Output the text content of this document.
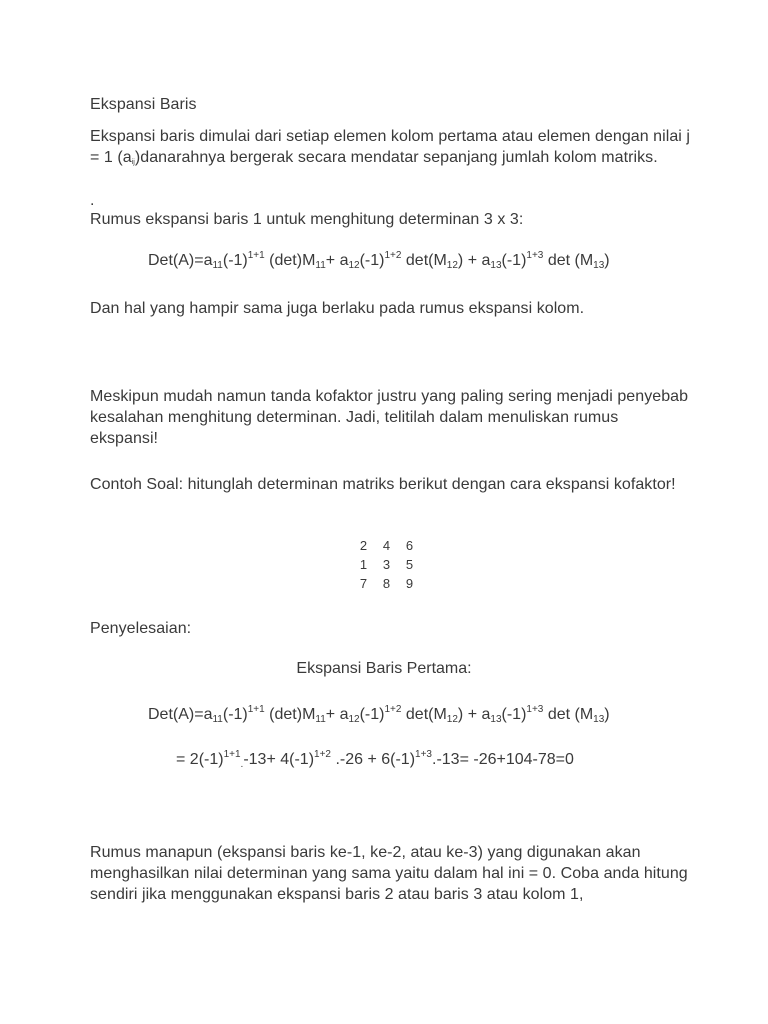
Ekspansi Baris
Ekspansi baris dimulai dari setiap elemen kolom pertama atau elemen dengan nilai j = 1 $(a_{ij})danarahnya$ bergerak secara mendatar sepanjang jumlah kolom matriks.
.
Rumus ekspansi baris 1 untuk menghitung determinan 3 x 3:
$Det(A)=a_{11}(-1)^{1+1}$ $(\det)M_{11}+ a_{12}(-1)^{1+2}$ $\det(M_{12}) + a_{13}(-1)^{1+3}$ $\det (M_{13})$
Dan hal yang hampir sama juga berlaku pada rumus ekspansi kolom.
Meskipun mudah namun tanda kofaktor justru yang paling sering menjadi penyebab kesalahan menghitung determinan. Jadi, telitilah dalam menuliskan rumus ekspansi!
Contoh Soal: hitunglah determinan matriks berikut dengan cara ekspansi kofaktor!
2	4	6
1	3	5
7	8	9
Penyelesaian:
Ekspansi Baris Pertama:
$Det(A)=a_{11}(-1)^{1+1}$ $(\det)M_{11}+ a_{12}(-1)^{1+2}$ $\det(M_{12}) + a_{13}(-1)^{1+3}$ $\det (M_{13})$
= $2(-1)^{1+1}_.-13+ 4(-1)^{1+2}$ $.-26 + 6(-1)^{1+3}.-13= -26+104-78=0$
Rumus manapun (ekspansi baris ke-1, ke-2, atau ke-3) yang digunakan akan menghasilkan nilai determinan yang sama yaitu dalam hal ini = 0. Coba anda hitung sendiri jika menggunakan ekspansi baris 2 atau baris 3 atau kolom 1,
